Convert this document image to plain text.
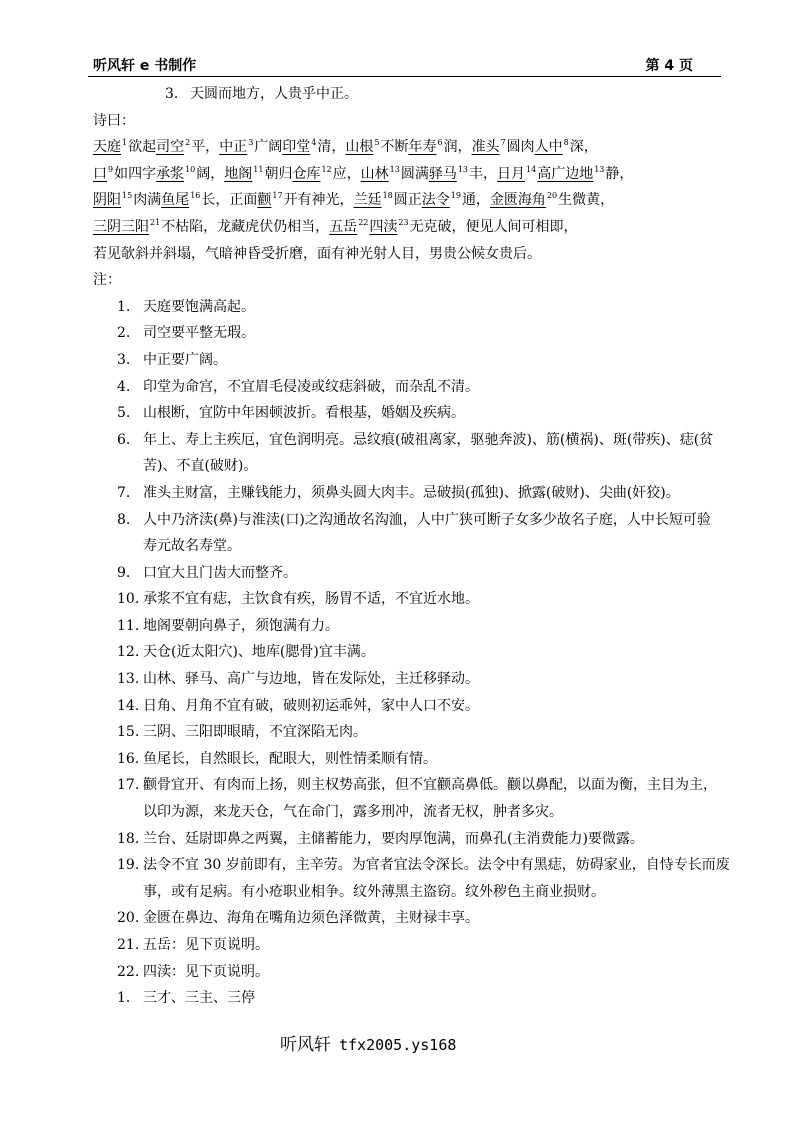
听风轩 e 书制作	第 4 页
3. 天圆而地方，人贵乎中正。
诗曰：
天庭$^1$欲起司空$^2$平，中正$^3$广阔印堂$^4$清，山根$^5$不断年寿$^6$润，准头$^7$圆肉人中$^8$深，
口$^9$如四字承浆$^{10}$阔，地阁$^{11}$朝归仓库$^{12}$应，山林$^{13}$圆满驿马$^{13}$丰，日月$^{14}$高广边地$^{13}$静，
阴阳$^{15}$肉满鱼尾$^{16}$长，正面颧$^{17}$开有神光，兰廷$^{18}$圆正法令$^{19}$通，金匮海角$^{20}$生微黄，
三阴三阳$^{21}$不枯陷，龙藏虎伏仍相当，五岳$^{22}$四渎$^{23}$无克破，便见人间可相即，
若见欹斜并斜塌，气暗神昏受折磨，面有神光射人目，男贵公候女贵后。
注：
1. 天庭要饱满高起。
2. 司空要平整无瑕。
3. 中正要广阔。
4. 印堂为命宫，不宜眉毛侵凌或纹痣斜破，而杂乱不清。
5. 山根断，宜防中年困顿波折。看根基，婚姻及疾病。
6. 年上、寿上主疾厄，宜色润明亮。忌纹痕(破祖离家，驱驰奔波)、筋(横祸)、斑(带疾)、痣(贫
苦)、不直(破财)。
7. 准头主财富，主赚钱能力，须鼻头圆大肉丰。忌破损(孤独)、掀露(破财)、尖曲(奸狡)。
8. 人中乃济渎(鼻)与淮渎(口)之沟通故名沟洫，人中广狭可断子女多少故名子庭，人中长短可验
寿元故名寿堂。
9. 口宜大且门齿大而整齐。
10. 承浆不宜有痣，主饮食有疾，肠胃不适，不宜近水地。
11. 地阁要朝向鼻子，须饱满有力。
12. 天仓(近太阳穴)、地库(腮骨)宜丰满。
13. 山林、驿马、高广与边地，皆在发际处，主迁移驿动。
14. 日角、月角不宜有破，破则初运乖舛，家中人口不安。
15. 三阴、三阳即眼睛，不宜深陷无肉。
16. 鱼尾长，自然眼长，配眼大，则性情柔顺有情。
17. 颧骨宜开、有肉而上扬，则主权势高张，但不宜颧高鼻低。颧以鼻配，以面为衡，主目为主，
以印为源，来龙天仓，气在命门，露多刑冲，流者无权，肿者多灾。
18. 兰台、廷尉即鼻之两翼，主储蓄能力，要肉厚饱满，而鼻孔(主消费能力)要微露。
19. 法令不宜 30 岁前即有，主辛劳。为官者宜法令深长。法令中有黑痣，妨碍家业，自恃专长而废
事，或有足病。有小疮职业相争。纹外薄黑主盗窃。纹外秽色主商业损财。
20. 金匮在鼻边、海角在嘴角边须色泽微黄，主财禄丰享。
21. 五岳：见下页说明。
22. 四渎：见下页说明。
1. 三才、三主、三停
听风轩 tfx2005.ys168
